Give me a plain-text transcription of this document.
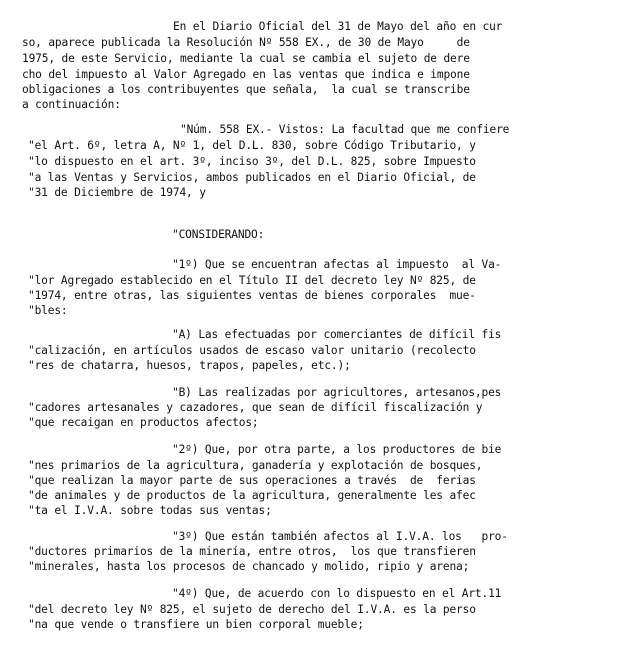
En el Diario Oficial del 31 de Mayo del año en cur
so, aparece publicada la Resolución Nº 558 EX., de 30 de Mayo     de
1975, de este Servicio, mediante la cual se cambia el sujeto de dere
cho del impuesto al Valor Agregado en las ventas que indica e impone
obligaciones a los contribuyentes que señala,  la cual se transcribe
a continuación:
"Núm. 558 EX.- Vistos: La facultad que me confiere
"el Art. 6º, letra A, Nº 1, del D.L. 830, sobre Código Tributario, y
"lo dispuesto en el art. 3º, inciso 3º, del D.L. 825, sobre Impuesto
"a las Ventas y Servicios, ambos publicados en el Diario Oficial, de
"31 de Diciembre de 1974, y
"CONSIDERANDO:
"1º) Que se encuentran afectas al impuesto  al Va-
"lor Agregado establecido en el Título II del decreto ley Nº 825, de
"1974, entre otras, las siguientes ventas de bienes corporales  mue-
"bles:
"A) Las efectuadas por comerciantes de difícil fis
"calización, en artículos usados de escaso valor unitario (recolecto
"res de chatarra, huesos, trapos, papeles, etc.);
"B) Las realizadas por agricultores, artesanos,pes
"cadores artesanales y cazadores, que sean de difícil fiscalización y
"que recaigan en productos afectos;
"2º) Que, por otra parte, a los productores de bie
"nes primarios de la agricultura, ganadería y explotación de bosques,
"que realizan la mayor parte de sus operaciones a través  de  ferias
"de animales y de productos de la agricultura, generalmente les afec
"ta el I.V.A. sobre todas sus ventas;
"3º) Que están también afectos al I.V.A. los   pro-
"ductores primarios de la minería, entre otros,  los que transfieren
"minerales, hasta los procesos de chancado y molido, ripio y arena;
"4º) Que, de acuerdo con lo dispuesto en el Art.11
"del decreto ley Nº 825, el sujeto de derecho del I.V.A. es la perso
"na que vende o transfiere un bien corporal mueble;
